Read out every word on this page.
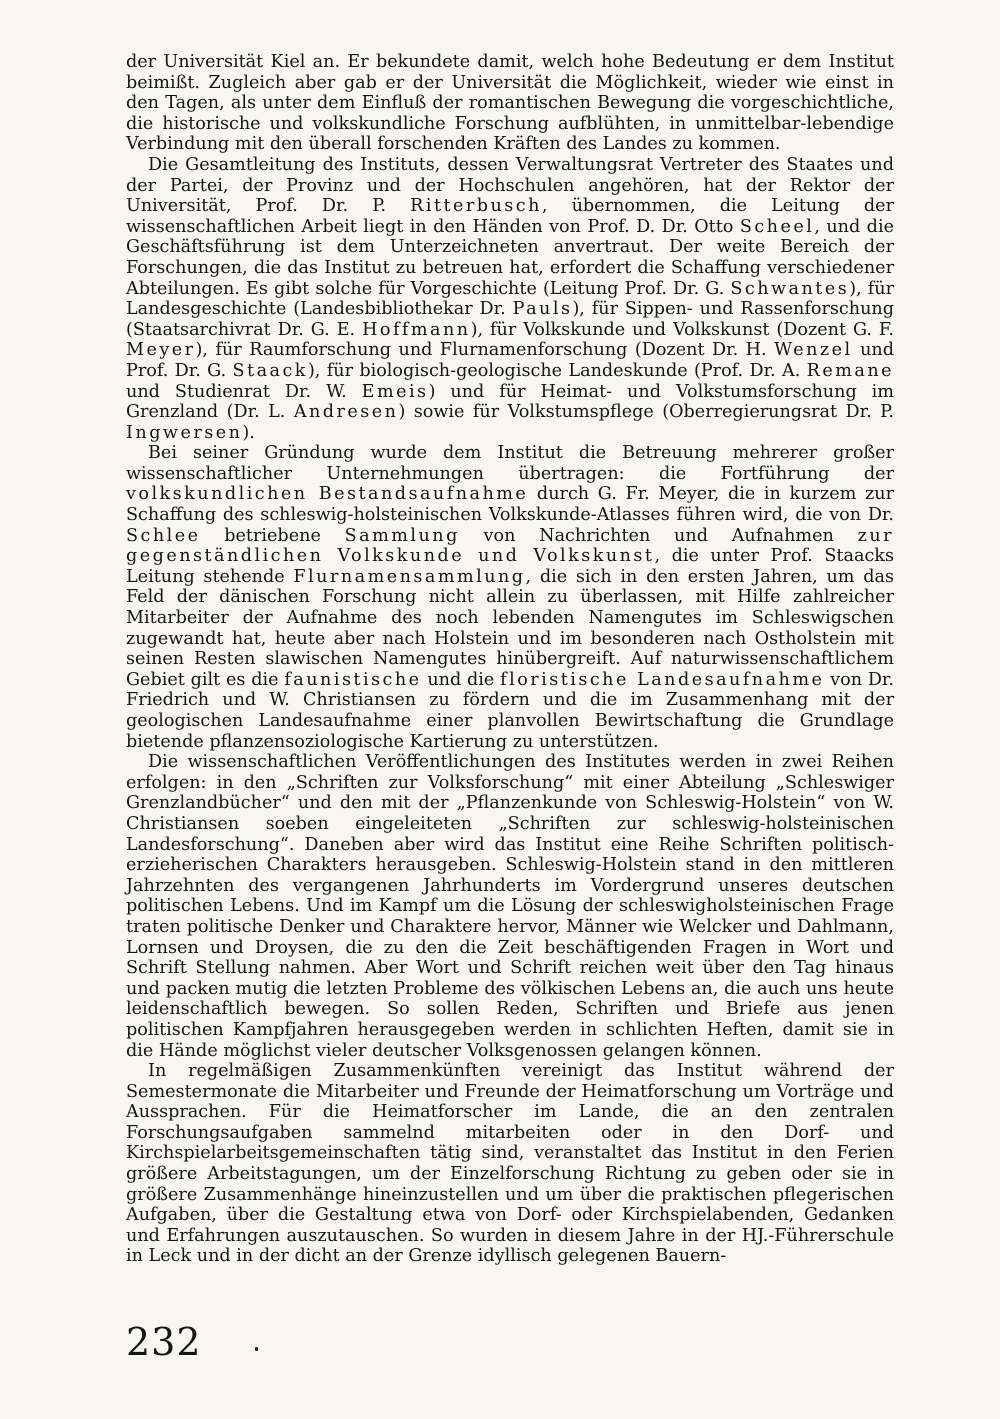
der Universität Kiel an. Er bekundete damit, welch hohe Bedeutung er dem Institut beimißt. Zugleich aber gab er der Universität die Möglichkeit, wieder wie einst in den Tagen, als unter dem Einfluß der romantischen Bewegung die vorgeschichtliche, die historische und volkskundliche Forschung aufblühten, in unmittelbar-lebendige Verbindung mit den überall forschenden Kräften des Landes zu kommen.

Die Gesamtleitung des Instituts, dessen Verwaltungsrat Vertreter des Staates und der Partei, der Provinz und der Hochschulen angehören, hat der Rektor der Universität, Prof. Dr. P. Ritterbusch, übernommen, die Leitung der wissenschaftlichen Arbeit liegt in den Händen von Prof. D. Dr. Otto Scheel, und die Geschäftsführung ist dem Unterzeichneten anvertraut. Der weite Bereich der Forschungen, die das Institut zu betreuen hat, erfordert die Schaffung verschiedener Abteilungen. Es gibt solche für Vorgeschichte (Leitung Prof. Dr. G. Schwantes), für Landesgeschichte (Landesbibliothekar Dr. Pauls), für Sippen- und Rassenforschung (Staatsarchivrat Dr. G. E. Hoffmann), für Volkskunde und Volkskunst (Dozent G. F. Meyer), für Raumforschung und Flurnamenforschung (Dozent Dr. H. Wenzel und Prof. Dr. G. Staack), für biologisch-geologische Landeskunde (Prof. Dr. A. Remane und Studienrat Dr. W. Emeis) und für Heimat- und Volkstumsforschung im Grenzland (Dr. L. Andresen) sowie für Volkstumspflege (Oberregierungsrat Dr. P. Ingwersen).

Bei seiner Gründung wurde dem Institut die Betreuung mehrerer großer wissenschaftlicher Unternehmungen übertragen: die Fortführung der volkskundlichen Bestandsaufnahme durch G. Fr. Meyer, die in kurzem zur Schaffung des schleswig-holsteinischen Volkskunde-Atlasses führen wird, die von Dr. Schlee betriebene Sammlung von Nachrichten und Aufnahmen zur gegenständlichen Volkskunde und Volkskunst, die unter Prof. Staacks Leitung stehende Flurnamensammlung, die sich in den ersten Jahren, um das Feld der dänischen Forschung nicht allein zu überlassen, mit Hilfe zahlreicher Mitarbeiter der Aufnahme des noch lebenden Namengutes im Schleswigschen zugewandt hat, heute aber nach Holstein und im besonderen nach Ostholstein mit seinen Resten slawischen Namengutes hinübergreift. Auf naturwissenschaftlichem Gebiet gilt es die faunistische und die floristische Landesaufnahme von Dr. Friedrich und W. Christiansen zu fördern und die im Zusammenhang mit der geologischen Landesaufnahme einer planvollen Bewirtschaftung die Grundlage bietende pflanzensoziologische Kartierung zu unterstützen.

Die wissenschaftlichen Veröffentlichungen des Institutes werden in zwei Reihen erfolgen: in den „Schriften zur Volksforschung“ mit einer Abteilung „Schleswiger Grenzlandbücher“ und den mit der „Pflanzenkunde von Schleswig-Holstein“ von W. Christiansen soeben eingeleiteten „Schriften zur schleswig-holsteinischen Landesforschung“. Daneben aber wird das Institut eine Reihe Schriften politisch-erzieherischen Charakters herausgeben. Schleswig-Holstein stand in den mittleren Jahrzehnten des vergangenen Jahrhunderts im Vordergrund unseres deutschen politischen Lebens. Und im Kampf um die Lösung der schleswigholsteinischen Frage traten politische Denker und Charaktere hervor, Männer wie Welcker und Dahlmann, Lornsen und Droysen, die zu den die Zeit beschäftigenden Fragen in Wort und Schrift Stellung nahmen. Aber Wort und Schrift reichen weit über den Tag hinaus und packen mutig die letzten Probleme des völkischen Lebens an, die auch uns heute leidenschaftlich bewegen. So sollen Reden, Schriften und Briefe aus jenen politischen Kampfjahren herausgegeben werden in schlichten Heften, damit sie in die Hände möglichst vieler deutscher Volksgenossen gelangen können.

In regelmäßigen Zusammenkünften vereinigt das Institut während der Semestermonate die Mitarbeiter und Freunde der Heimatforschung um Vorträge und Aussprachen. Für die Heimatforscher im Lande, die an den zentralen Forschungsaufgaben sammelnd mitarbeiten oder in den Dorf- und Kirchspielarbeitsgemeinschaften tätig sind, veranstaltet das Institut in den Ferien größere Arbeitstagungen, um der Einzelforschung Richtung zu geben oder sie in größere Zusammenhänge hineinzustellen und um über die praktischen pflegerischen Aufgaben, über die Gestaltung etwa von Dorf- oder Kirchspielabenden, Gedanken und Erfahrungen auszutauschen. So wurden in diesem Jahre in der HJ.-Führerschule in Leck und in der dicht an der Grenze idyllisch gelegenen Bauern-

232
